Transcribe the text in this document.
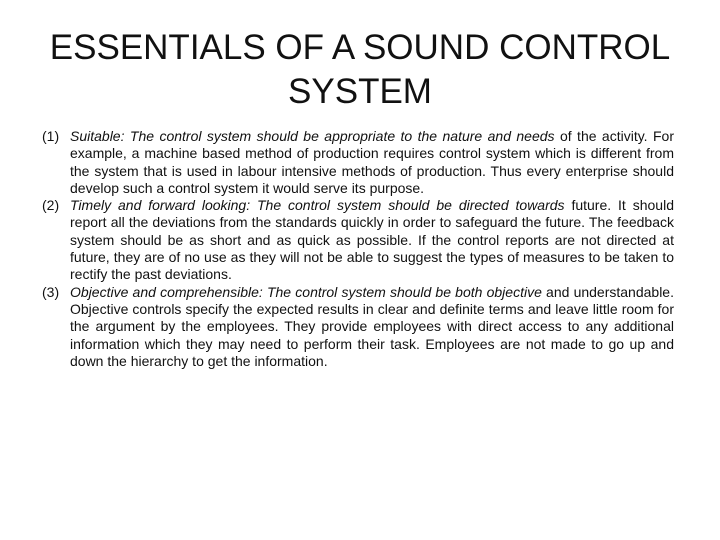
ESSENTIALS OF A SOUND CONTROL SYSTEM

(1) Suitable: The control system should be appropriate to the nature and needs of the activity. For example, a machine based method of production requires control system which is different from the system that is used in labour intensive methods of production. Thus every enterprise should develop such a control system it would serve its purpose.

(2) Timely and forward looking: The control system should be directed towards future. It should report all the deviations from the standards quickly in order to safeguard the future. The feedback system should be as short and as quick as possible. If the control reports are not directed at future, they are of no use as they will not be able to suggest the types of measures to be taken to rectify the past deviations.

(3) Objective and comprehensible: The control system should be both objective and understandable. Objective controls specify the expected results in clear and definite terms and leave little room for the argument by the employees. They provide employees with direct access to any additional information which they may need to perform their task. Employees are not made to go up and down the hierarchy to get the information.
